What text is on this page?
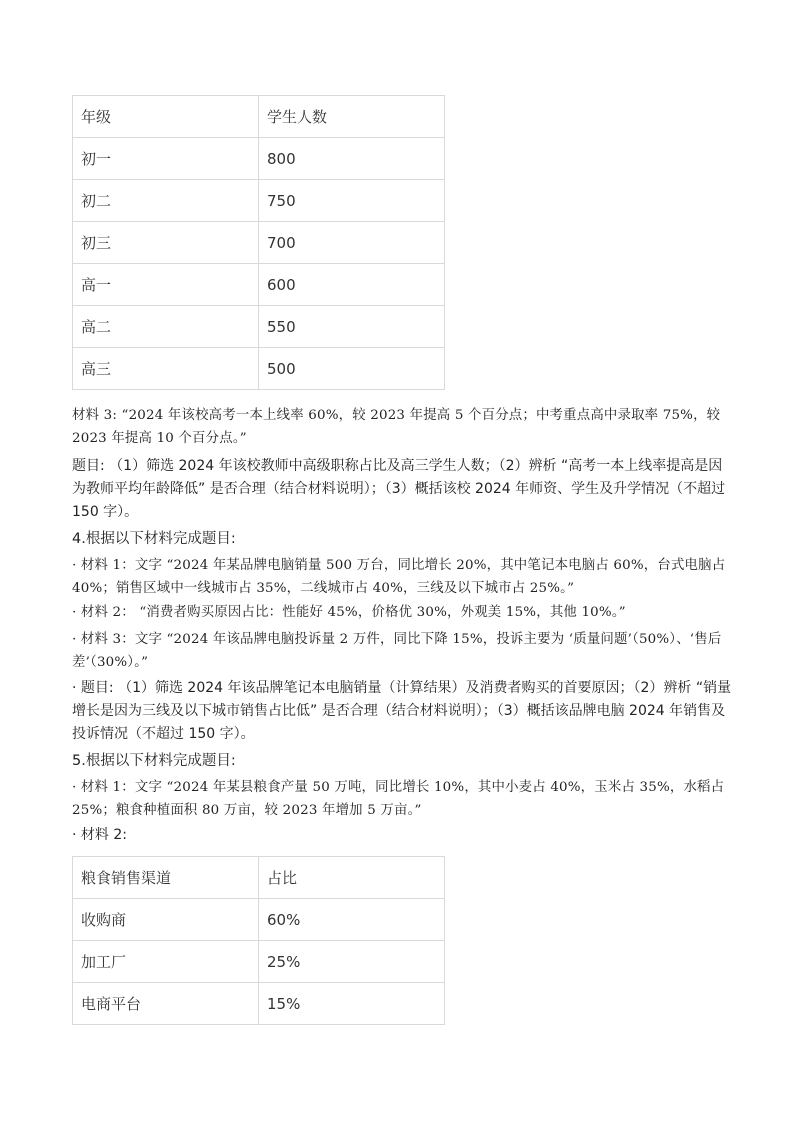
年级	学生人数
初一	800
初二	750
初三	700
高一	600
高二	550
高三	500

材料 3: “2024 年该校高考一本上线率 60%，较 2023 年提高 5 个百分点；中考重点高中录取率 75%，较 2023 年提高 10 个百分点。”

题目: （1）筛选 2024 年该校教师中高级职称占比及高三学生人数；（2）辨析 “高考一本上线率提高是因为教师平均年龄降低” 是否合理（结合材料说明）；（3）概括该校 2024 年师资、学生及升学情况（不超过 150 字）。

4.根据以下材料完成题目:

· 材料 1：文字 “2024 年某品牌电脑销量 500 万台，同比增长 20%，其中笔记本电脑占 60%，台式电脑占 40%；销售区域中一线城市占 35%，二线城市占 40%，三线及以下城市占 25%。”

· 材料 2： “消费者购买原因占比：性能好 45%，价格优 30%，外观美 15%，其他 10%。”

· 材料 3：文字 “2024 年该品牌电脑投诉量 2 万件，同比下降 15%，投诉主要为 ‘质量问题’（50%）、‘售后差’（30%）。”

· 题目: （1）筛选 2024 年该品牌笔记本电脑销量（计算结果）及消费者购买的首要原因；（2）辨析 “销量增长是因为三线及以下城市销售占比低” 是否合理（结合材料说明）；（3）概括该品牌电脑 2024 年销售及投诉情况（不超过 150 字）。

5.根据以下材料完成题目:

· 材料 1：文字 “2024 年某县粮食产量 50 万吨，同比增长 10%，其中小麦占 40%，玉米占 35%，水稻占 25%；粮食种植面积 80 万亩，较 2023 年增加 5 万亩。”

· 材料 2:

粮食销售渠道	占比
收购商	60%
加工厂	25%
电商平台	15%
